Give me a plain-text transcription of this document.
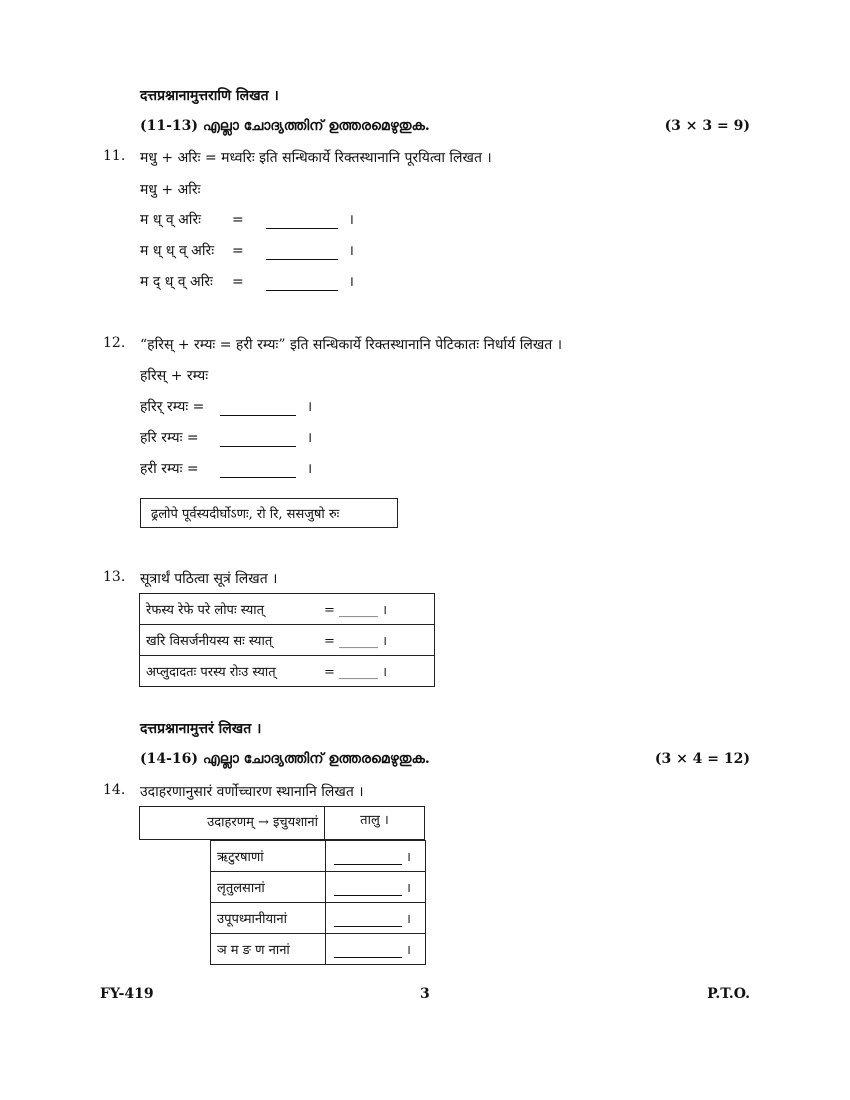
दत्तप्रश्नानामुत्तराणि लिखत ।
(11-13) എല്ലാ ചോദ്യത്തിന് ഉത്തരമെഴുതുക.	(3 × 3 = 9)
11. मधु + अरिः = मध्वरिः इति सन्धिकार्ये रिक्तस्थानानि पूरयित्वा लिखत ।
मधु + अरिः
म ध् व् अरिः =	।
म ध् ध् व् अरिः =	।
म द् ध् व् अरिः =	।
12. “हरिस् + रम्यः = हरी रम्यः” इति सन्धिकार्ये रिक्तस्थानानि पेटिकातः निर्धार्य लिखत ।
हरिस् + रम्यः
हरिर् रम्यः =	।
हरि रम्यः =	।
हरी रम्यः =	।
ढ्रलोपे पूर्वस्यदीर्घोऽणः, रो रि, ससजुषो रुः
13. सूत्रार्थं पठित्वा सूत्रं लिखत ।
रेफस्य रेफे परे लोपः स्यात्	= ______ ।
खरि विसर्जनीयस्य सः स्यात्	= ______ ।
अप्लुदादतः परस्य रोःउ स्यात्	= ______ ।
दत्तप्रश्नानामुत्तरं लिखत ।
(14-16) എല്ലാ ചോദ്യത്തിന് ഉത്തരമെഴുതുക.	(3 × 4 = 12)
14. उदाहरणानुसारं वर्णोच्चारण स्थानानि लिखत ।
उदाहरणम् → इचुयशानां	तालु ।
ऋटुरषाणां	।
लृतुलसानां	।
उपूपध्मानीयानां	।
ञ म ङ ण नानां	।
FY-419	3	P.T.O.
